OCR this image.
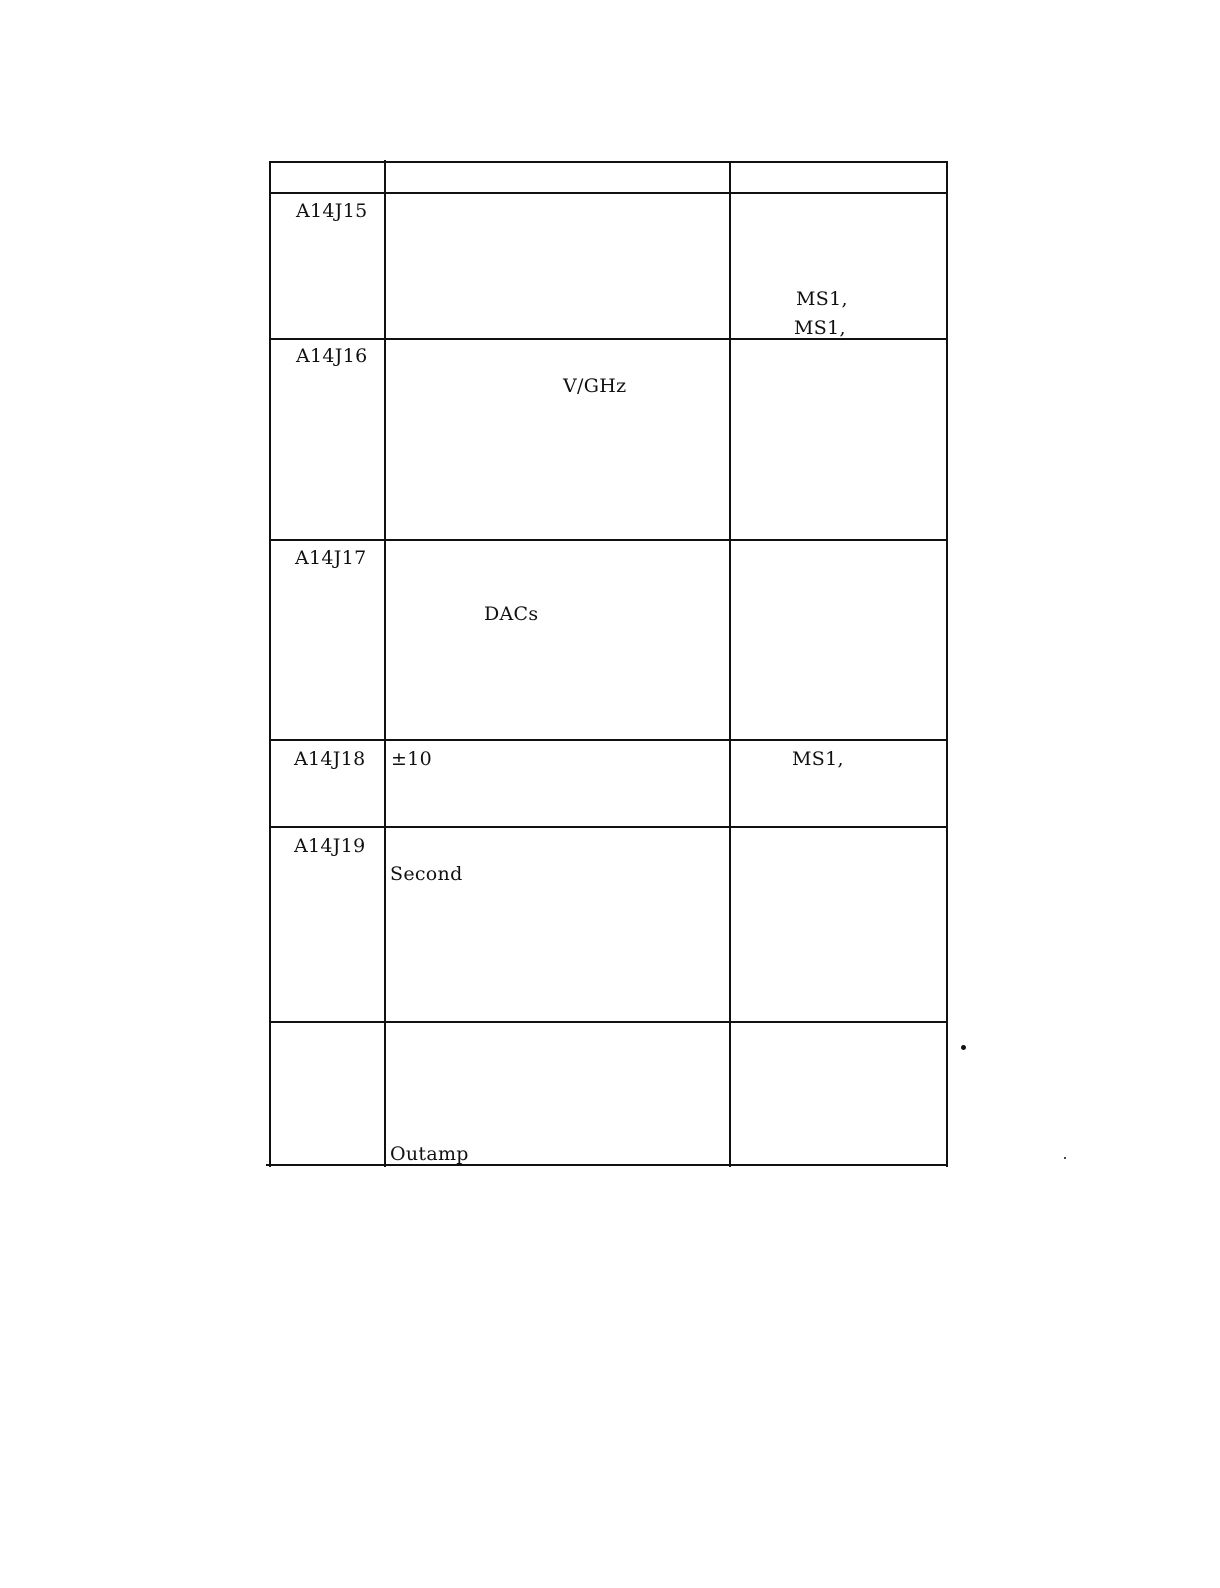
A14J15
MS1,
MS1,
A14J16
V/GHz
A14J17
DACs
A14J18 ±10	MS1,
A14J19
Second
Outamp
